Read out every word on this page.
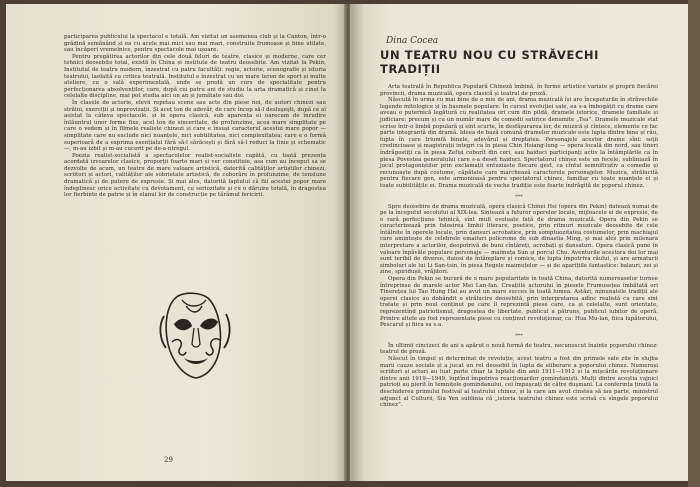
participarea publicului la spectacol e totală. Am vizitat un asemenea club și la Canton, într-o grădină semănând și ea cu acele mai mici sau mai mari, construite frumoase și bine utilate, sau încăperi vremelnice, pentru spectacole mai ușoare.

Pentru pregătirea actorilor din cele două feluri de teatre, clasice și moderne, care cer tehnici deosebite total, există în China și institute de teatru deosebite. Am vizitat la Pekin, Institutul de teatru modern, înzestrat cu patru facultăți: regie, actorie, scenografie și istoria teatrului, laolaltă cu critica teatrală. Institutul e înzestrat cu un mare teren de sport și multe ateliere, cu o sală experimentală, unde se predă un curs de specialitate pentru perfecționarea absolvenților, care, după cei patru ani de studiu la arta dramatică și cinei la celelalte discipline, mai pot studia aici un an și jumătate sau doi.

În clasele de actorie, elevii repetau scene sau acte din piese noi, de autori chinezi sau străini, exerciții și improvizații. Și aceț ton de adevăr, de care încep să-l desluşeşti, după ce ai asistat la câteva spectacole, și în opera clasică, sub aparența ei oarecum de înrudire înlăuntrul unor forme fixe, acel ton de sinceritate, de profunzime, acea mare simplitate pe care o vedem și în filmele realiste chinezi și care e însuși caracterul acestui mare popor — simplitate care nu exclude nici nuanțele, nici subtilitatea, nici complexitatea; care e o formă superioară de a exprima esențialul fără să-l sărăcești și fără să-l reduci la linie și schematic —, m-au izbit și m-au cucerit pe de-a-ntregul.

Poezia realist-socialistă a spectacolelor realist-socialiste capătă, cu toată prezența acordată izvoarelor clasice, proporții foarte mari și ver constituie, asa cum au început sa se dezvolte de acum, un teatru de mare valoare artistică, datorită calităților artiștilor chinezi, scriitori și actori, calităților ale sobrietate artistică, de coborâre în profunzime, de tensiune dramatică și de putere de expresie. Și mai ales, datorită faptului că fiii acestui popor mare îndeplinesc orice activitate cu devotament, cu seriozitate și cu o dăruire totală, în dragostea lor fierbinte de patrie și în elanul lor de construcție pe tărâmul fericirii.

29
Dina Cocea
UN TEATRU NOU CU STRĂVECHI TRADIȚII

Arta teatrală în Republica Populară Chineză îmbină, în forme artistice variate și proprii fiecărei provincii, drama muzicală, opera clasică și teatrul de proză.

Născută în urma cu mai bine de o mie de ani, drama muzicală își are începuturile în străvechile legende mitologice și în basmele populare. În cursul evoluției sale, ea s-a îmbogățit cu drame care aveau o puternică legătură cu realitatea ori cum din pildă, dramele istorice, dramele familiale și judiciare; precum și cu un număr mare de comedii satirice denumite „Tsa”. Dramele muzicale stat scrise într-o limbă populară și sint scurte, în desfășurarea lor, de muzică și cîntece, elemente ce fac parte integrantă din dramă. Ideea de bază comună dramelor muzicale este lupta dintre bine și rău, lupta în care triumfă binele, adevărul și dreptatea. Personajele acestor drame sînt: soții credincioase și magistrații integri ca în piesa Chin Hsiang-lung — opera locală din nord, sau tineri îndrăgostiți ca în piesa Zefiși coborît din ceri, sau haiduci participanți activ la întâmplările ca în piesa Povestea generalului care s-a deset haiduci. Spectatorul chinez este un fecele, subliniază în jocul protagoniștilor prin exclamații entuziaste fiecare gest, ca cîntul semnificativ a comedie și recunoaște după costume, căpătate care marchează caracterele personajelor. Muzica, strălucită pentru fiecare gen, este armonioasă pentru spectatorul chinez, familiar cu toate nuanțele ei și toate subtilitățile ei. Drama muzicală de veche tradiție este foarte îndrăgită de poporul chinez.

***

Spre deosebire de drama muzicală, opera clasică Chinei Hsi (opera din Pekin) datează numai de pe la începutul secolului al XIX-lea. Sintează a futurer operelor locale, mijloacele ei de expresie, de o rară perfecțiune tehnică, sînt mult evoluate față de drama muzicală. Opera din Pekin se caracterizează prin folosirea limbii literare, poetice, prin ritmuri muzicale deosebite de cele întâlnite în operele locale, prin dansuri acrobatice, prin somptuozitatea costumelor, prin machiajul care amintește de celebrele emailuri policrome de sub dinastia Ming, și mai ales prin milenara interpretare a actorilor, deopotrivă de buni cîntăreți, acrobați și dansatori. Opera clasică pune în valoare înpăvăle populare personaje — maimuța Sun și porcul Chu. Aventurile acestora doi lor mai sunt teribil de diverse, duiosi de întâmplare și comice, de lupta împotriva răului, și are armaturii simboluri ale lui Li San-tsin, în piesa Regele maimuțelor — și de aparițiile fantastice: balauri, zei și zine, spiridușii, vrăjitori.

Opera din Pekin se bucură de o mare popularitate în toată China, datorită numeroaselor turnee întreprinse de marele actor Mei Lan-fan. Creațiile actorului în piesele Frumusețea îmbătată ori Tinerețea lui Tao Hung Hai au avut un mare succes în toată lumea. Astăzi, minunatele tradiții ale operei clasice au dobândit o strălucire deosebită, prin interpretarea adînc realistă cu care sint tratate și prin noul conținut pe care îl reprezintă piese care, ca și celelalte, sunt orientate, reprezentînd patriotismul, dragostea de libertate, publicul a pătruns, publicul iubitor de operă. Printre altele au fost reprezentate piese cu conținut revoluționar, ca: Hua Mu-lan, fiica lupătorului, Pescarul și fiica sa s.a.

***

În ultimii cincizeci de ani a apărut o nouă formă de teatru, necunoscut înainte poporului chinez: teatrul de proză.

Născut în timpul și determinat de revoluție, acest teatru a fost din primele sale zile în slujba marii cauze sociale și a jucat un rol deosebit în lupta de eliberare a poporului chinez. Numeroși scriitori și actori au luat parte chiar la luptele din anii 1911—1912 și la mișcările revoluționare dintre anii 1919—1949, luptînd împotriva reacționarilor gomindaniști. Mulți dintre aceștia vajnici patrioți au pierit în temnițele gomindanului, cei împușcați de către duşmani. La conferința ținută la deschiderea primului festival al teatrului chinez, și la care am avut cinstea să iau parte, ministrul adjunct al Culturii, Sia Yen sublinia că „istoria teatrului chinez este scrisă cu sîngele poporului chinez”.
